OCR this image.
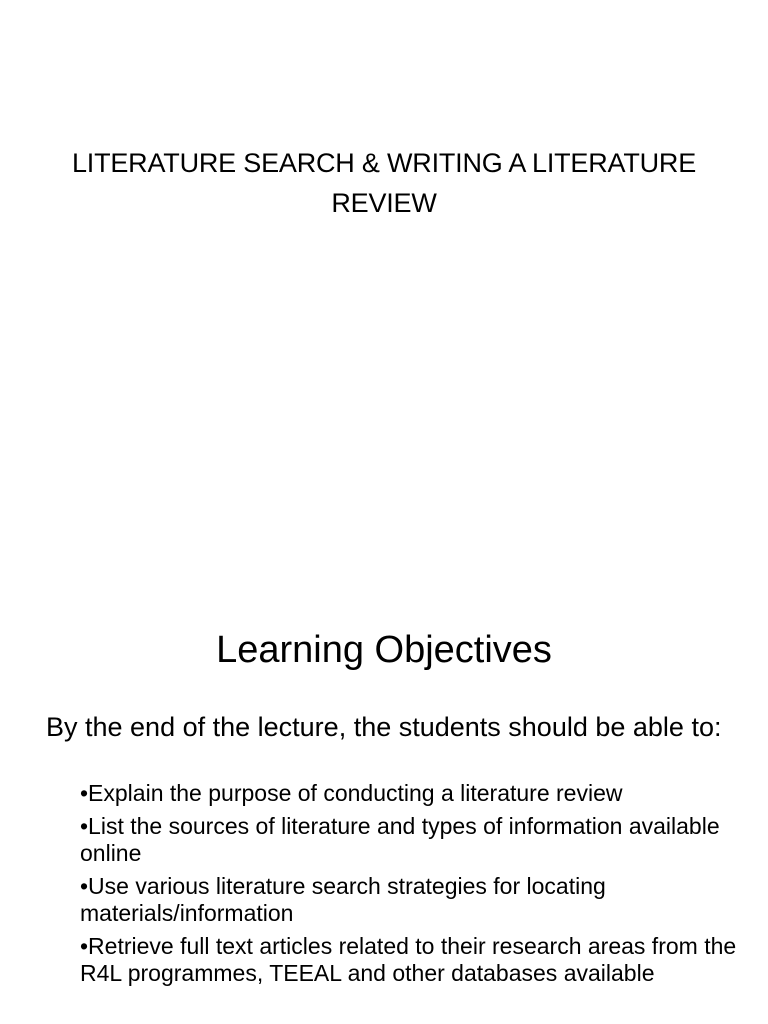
LITERATURE SEARCH & WRITING A LITERATURE REVIEW
Learning Objectives

By the end of the lecture, the students should be able to:

•Explain the purpose of conducting a literature review
•List the sources of literature and types of information available online
•Use various literature search strategies for locating materials/information
•Retrieve full text articles related to their research areas from the R4L programmes, TEEAL and other databases available
